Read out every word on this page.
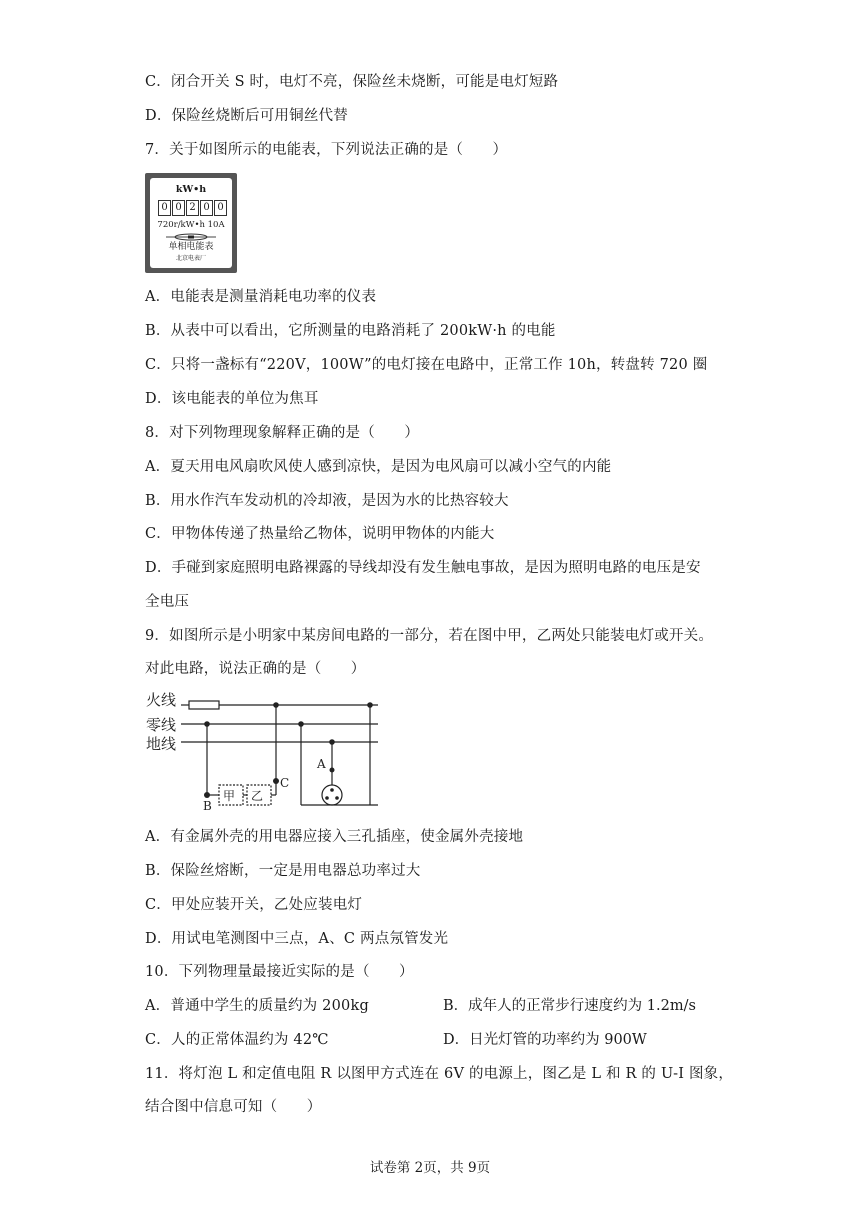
C．闭合开关 S 时，电灯不亮，保险丝未烧断，可能是电灯短路
D．保险丝烧断后可用铜丝代替
7．关于如图所示的电能表，下列说法正确的是（　　）
kW•h
0 0 2 0 0
720r/kW•h 10A
单相电能表
北京电表厂
A．电能表是测量消耗电功率的仪表
B．从表中可以看出，它所测量的电路消耗了 200kW·h 的电能
C．只将一盏标有“220V，100W”的电灯接在电路中，正常工作 10h，转盘转 720 圈
D．该电能表的单位为焦耳
8．对下列物理现象解释正确的是（　　）
A．夏天用电风扇吹风使人感到凉快，是因为电风扇可以减小空气的内能
B．用水作汽车发动机的冷却液，是因为水的比热容较大
C．甲物体传递了热量给乙物体，说明甲物体的内能大
D．手碰到家庭照明电路裸露的导线却没有发生触电事故，是因为照明电路的电压是安
全电压
9．如图所示是小明家中某房间电路的一部分，若在图中甲，乙两处只能装电灯或开关。
对此电路，说法正确的是（　　）
火线
零线
地线
甲 乙
A
B
C
A．有金属外壳的用电器应接入三孔插座，使金属外壳接地
B．保险丝熔断，一定是用电器总功率过大
C．甲处应装开关，乙处应装电灯
D．用试电笔测图中三点，A、C 两点氖管发光
10．下列物理量最接近实际的是（　　）
A．普通中学生的质量约为 200kg	B．成年人的正常步行速度约为 1.2m/s
C．人的正常体温约为 42℃	D．日光灯管的功率约为 900W
11．将灯泡 L 和定值电阻 R 以图甲方式连在 6V 的电源上，图乙是 L 和 R 的 U-I 图象，
结合图中信息可知（　　）
试卷第 2页，共 9页
